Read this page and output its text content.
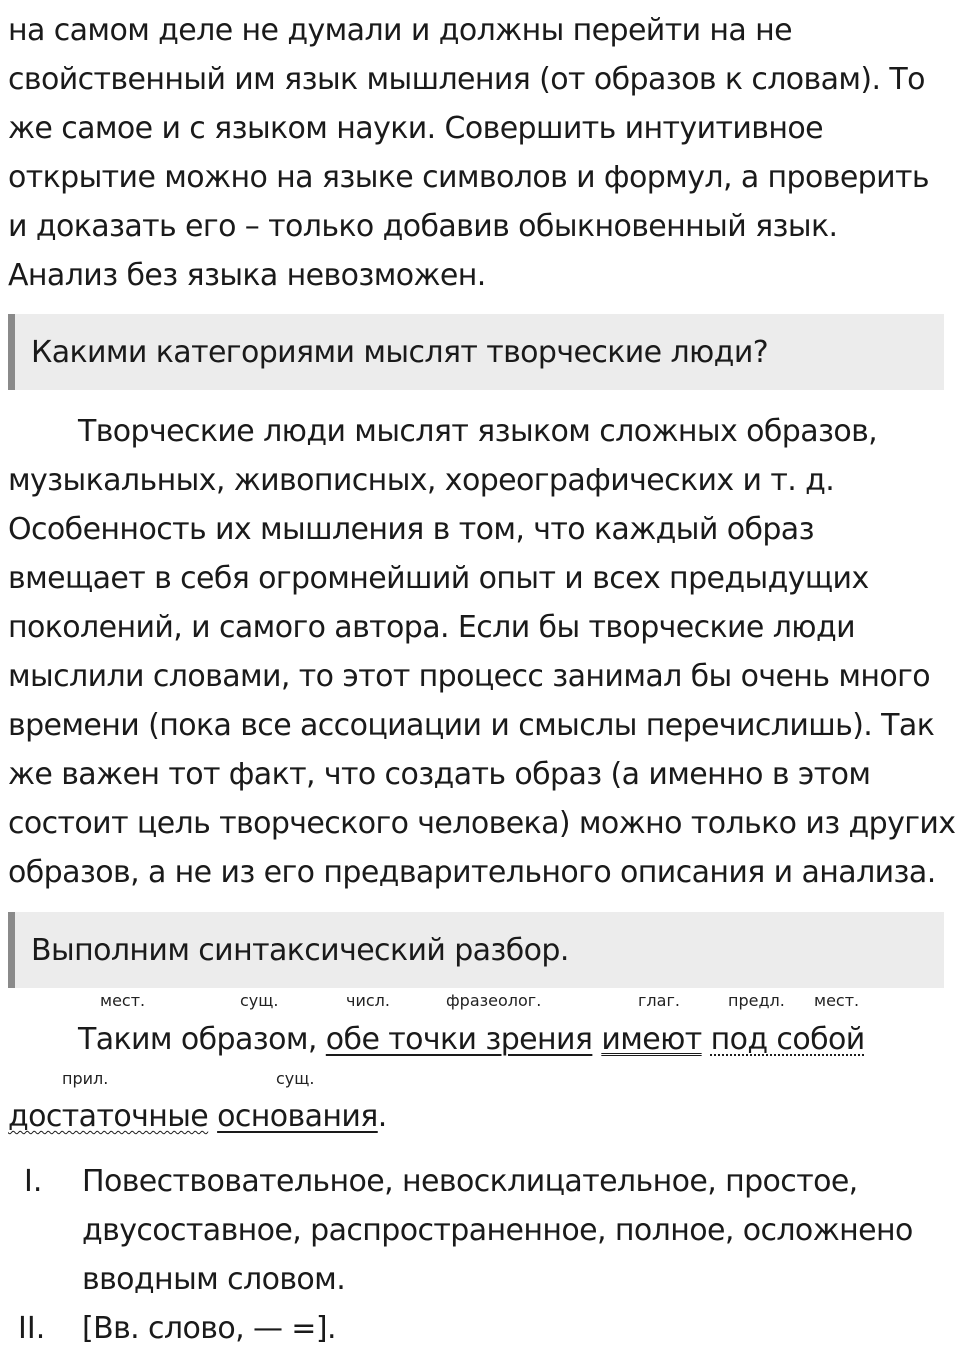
на самом деле не думали и должны перейти на не
свойственный им язык мышления (от образов к словам). То
же самое и с языком науки. Совершить интуитивное
открытие можно на языке символов и формул, а проверить
и доказать его – только добавив обыкновенный язык.
Анализ без языка невозможен.
Какими категориями мыслят творческие люди?
Творческие люди мыслят языком сложных образов,
музыкальных, живописных, хореографических и т. д.
Особенность их мышления в том, что каждый образ
вмещает в себя огромнейший опыт и всех предыдущих
поколений, и самого автора. Если бы творческие люди
мыслили словами, то этот процесс занимал бы очень много
времени (пока все ассоциации и смыслы перечислишь). Так
же важен тот факт, что создать образ (а именно в этом
состоит цель творческого человека) можно только из других
образов, а не из его предварительного описания и анализа.
Выполним синтаксический разбор.
мест.	сущ.	числ.	фразеолог.	глаг.	предл. мест.
Таким образом, обе точки зрения имеют под собой
прил.	сущ.
достаточные основания.
I. Повествовательное, невосклицательное, простое,
двусоставное, распространенное, полное, осложнено
вводным словом.
II. [Вв. слово, — =].
